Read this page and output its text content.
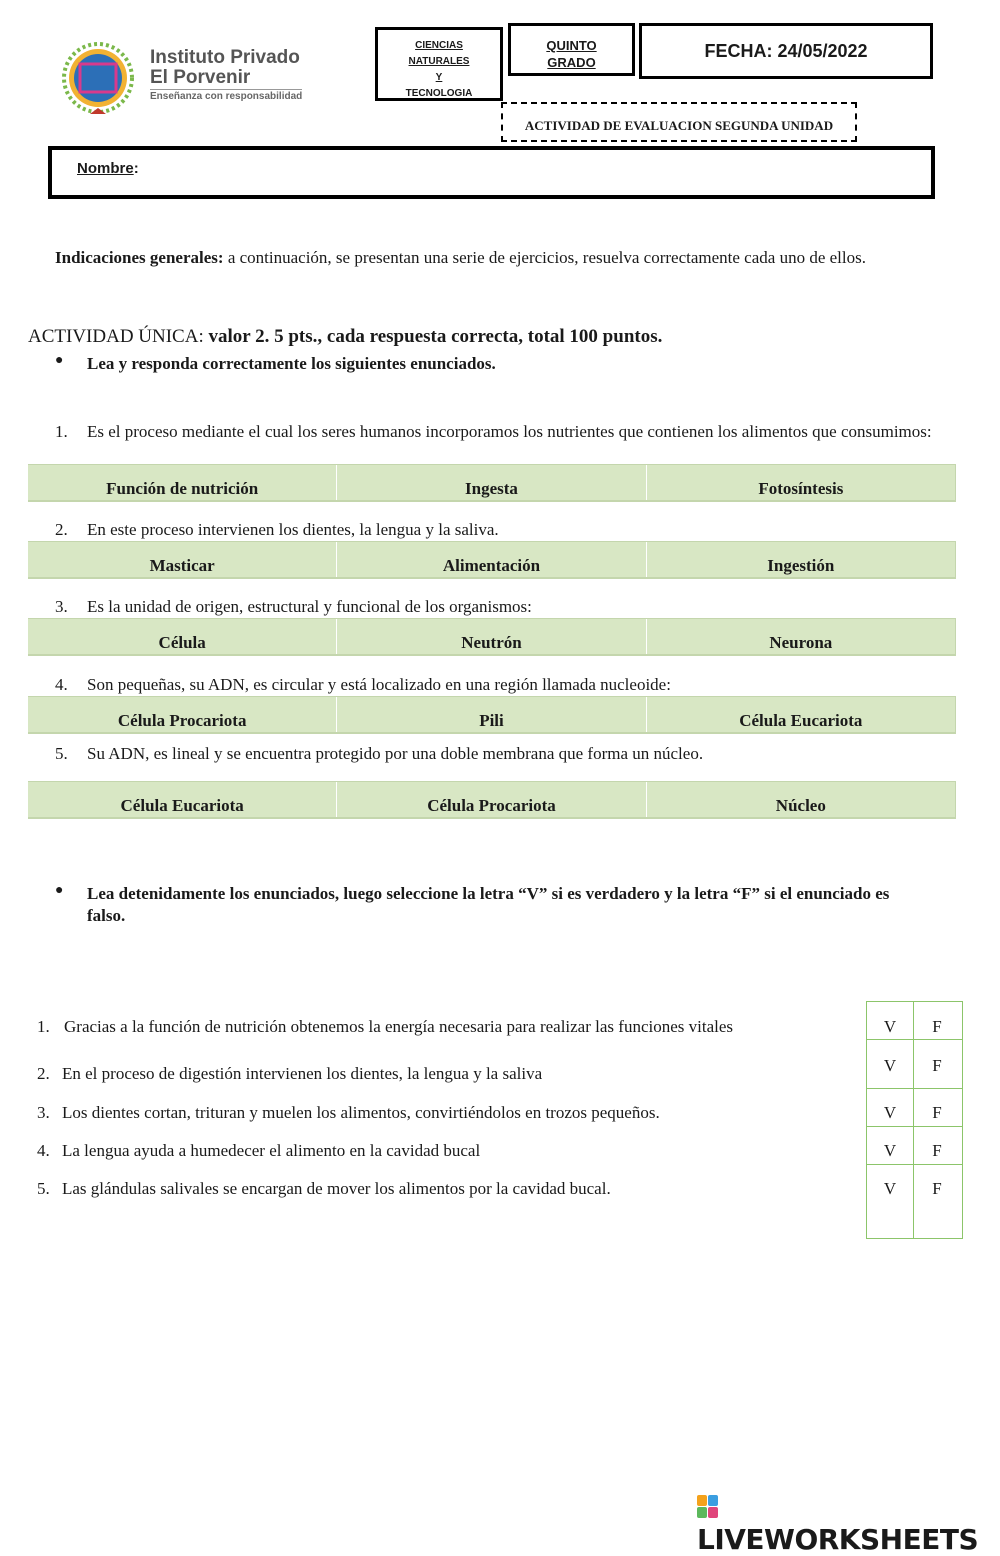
Instituto Privado
El Porvenir
Enseñanza con responsabilidad
CIENCIAS
NATURALES
Y
TECNOLOGIA
QUINTO
GRADO
FECHA: 24/05/2022
ACTIVIDAD DE EVALUACION SEGUNDA UNIDAD
Nombre:
Indicaciones generales: a continuación, se presentan una serie de ejercicios, resuelva correctamente cada uno de ellos.
ACTIVIDAD ÚNICA: valor 2. 5 pts., cada respuesta correcta, total 100 puntos.
● Lea y responda correctamente los siguientes enunciados.
1. Es el proceso mediante el cual los seres humanos incorporamos los nutrientes que contienen los alimentos que consumimos:
Función de nutrición	Ingesta	Fotosíntesis
2. En este proceso intervienen los dientes, la lengua y la saliva.
Masticar	Alimentación	Ingestión
3. Es la unidad de origen, estructural y funcional de los organismos:
Célula	Neutrón	Neurona
4. Son pequeñas, su ADN, es circular y está localizado en una región llamada nucleoide:
Célula Procariota	Pili	Célula Eucariota
5. Su ADN, es lineal y se encuentra protegido por una doble membrana que forma un núcleo.
Célula Eucariota	Célula Procariota	Núcleo
● Lea detenidamente los enunciados, luego seleccione la letra “V” si es verdadero y la letra “F” si el enunciado es falso.
1. Gracias a la función de nutrición obtenemos la energía necesaria para realizar las funciones vitales
2. En el proceso de digestión intervienen los dientes, la lengua y la saliva
3. Los dientes cortan, trituran y muelen los alimentos, convirtiéndolos en trozos pequeños.
4. La lengua ayuda a humedecer el alimento en la cavidad bucal
5. Las glándulas salivales se encargan de mover los alimentos por la cavidad bucal.
V	F
V	F
V	F
V	F
V	F
LIVEWORKSHEETS
